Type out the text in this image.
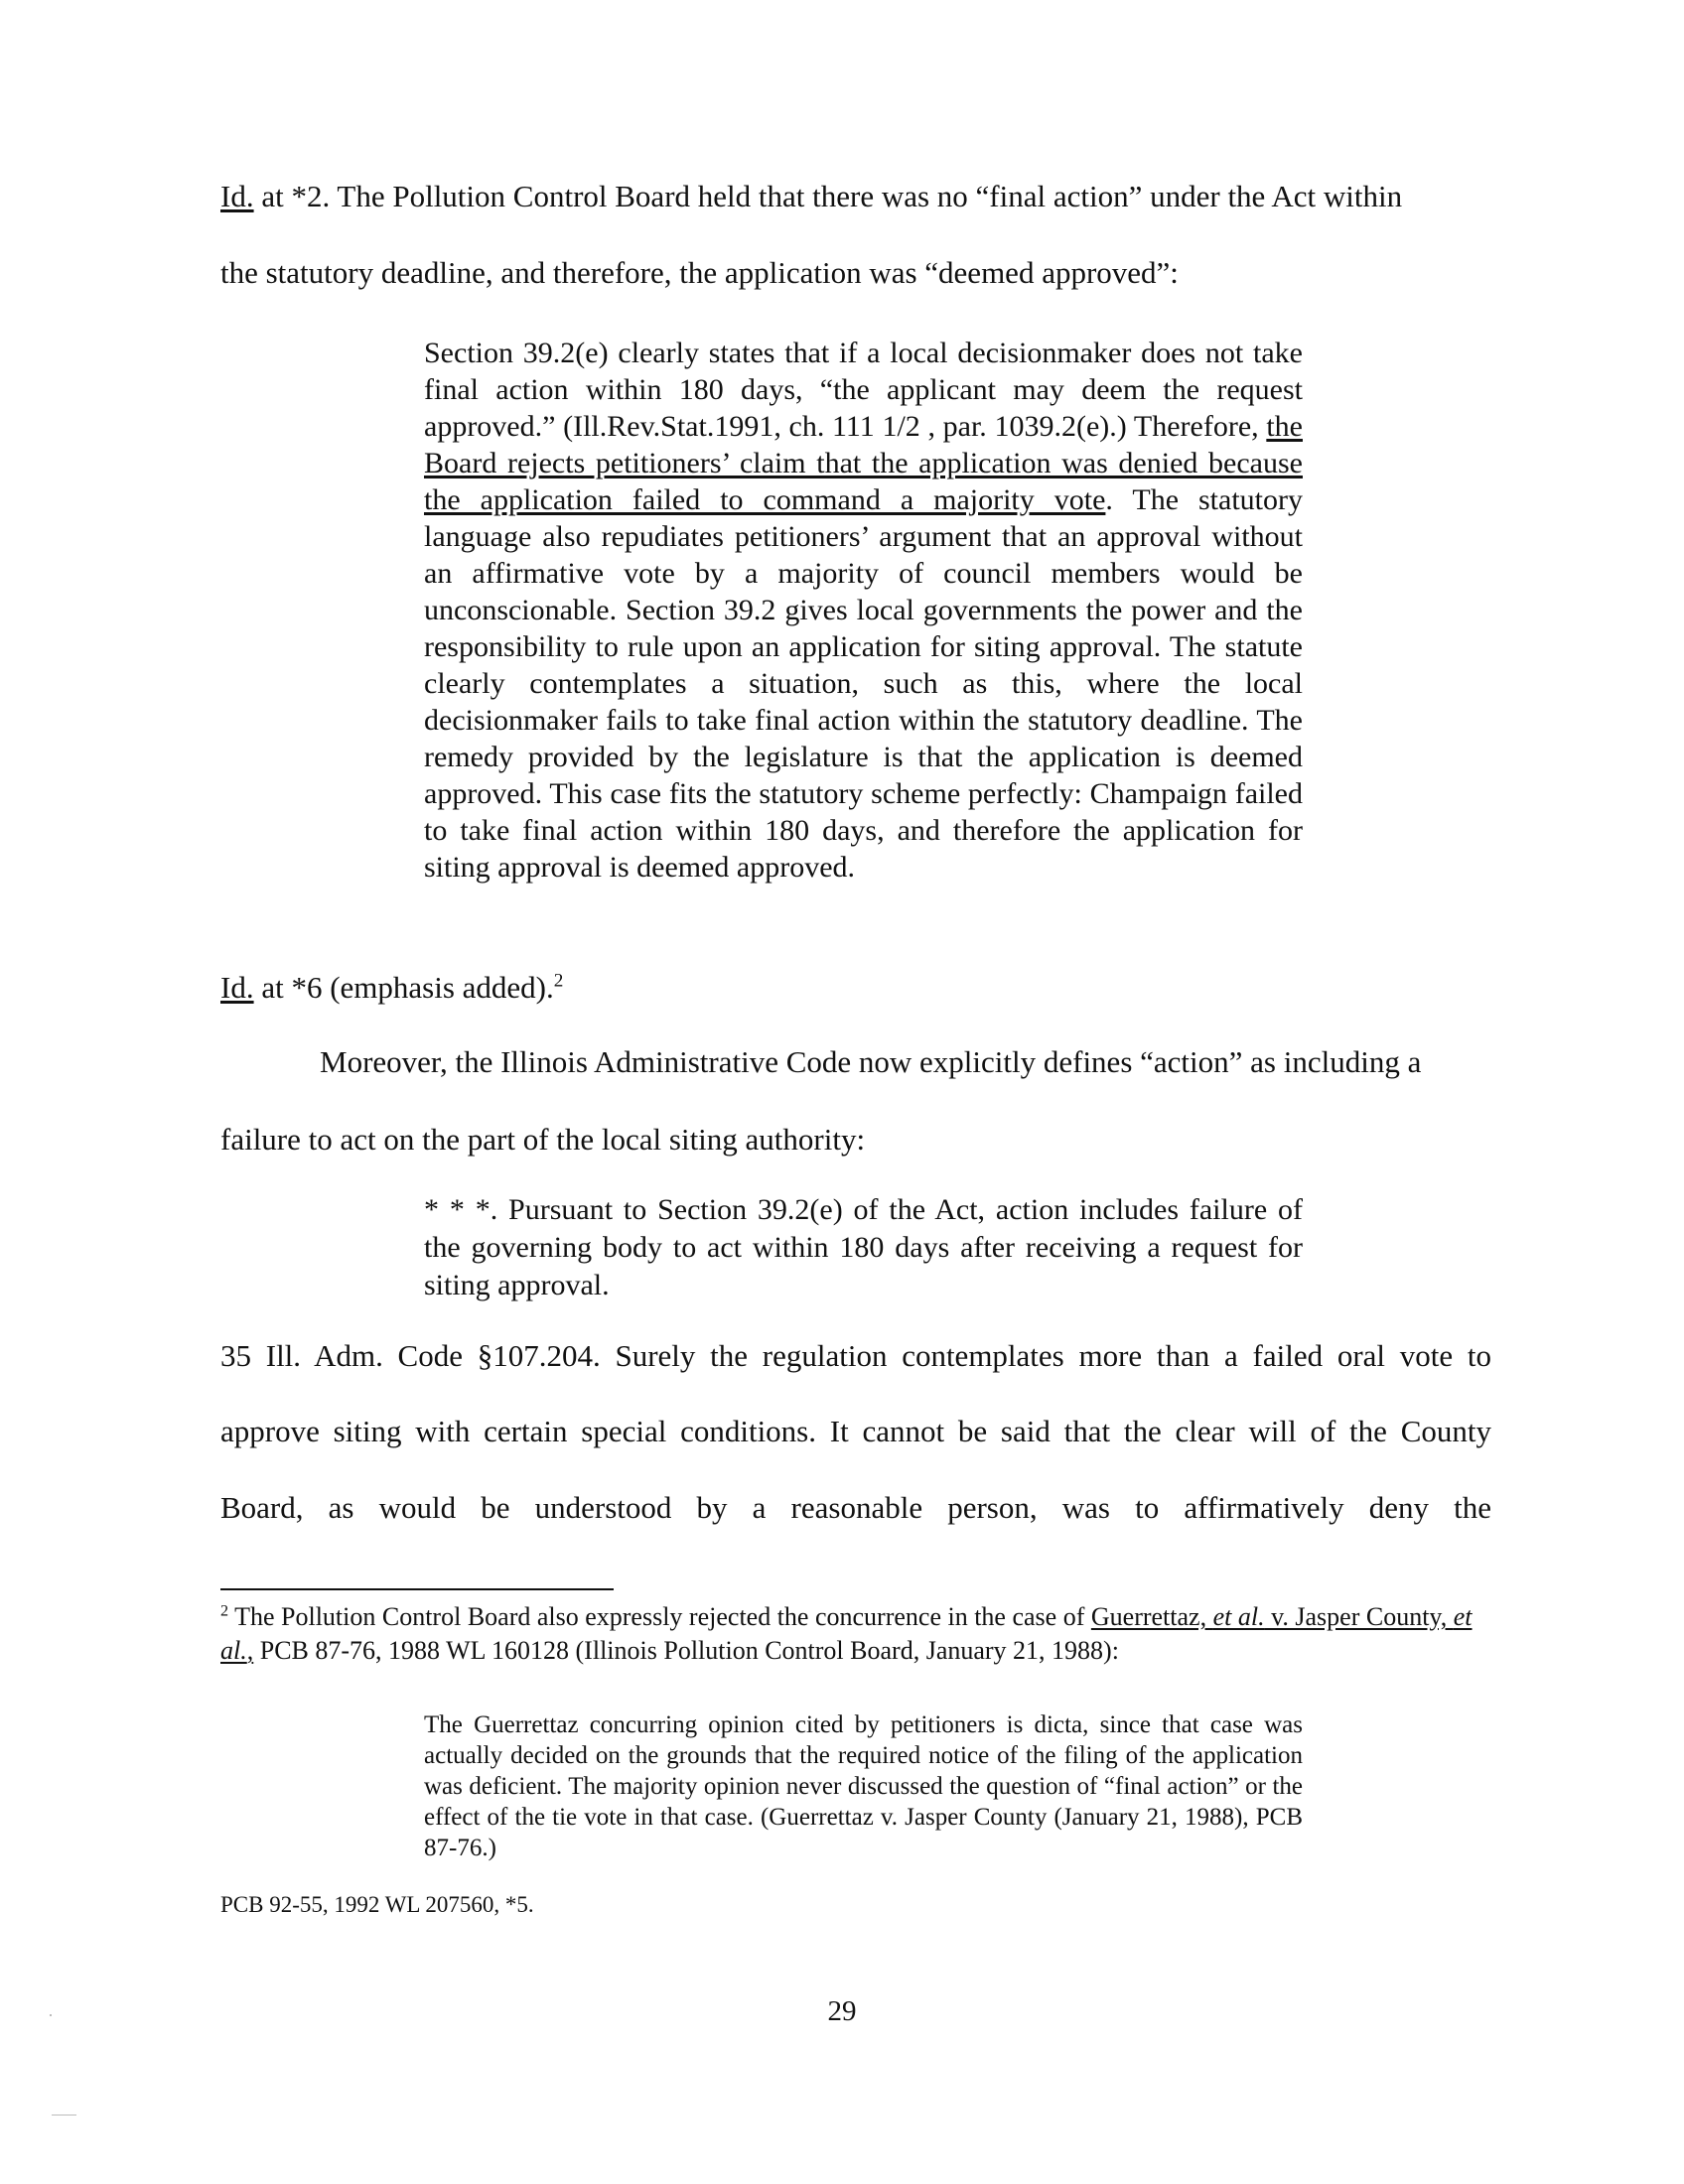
Id. at *2. The Pollution Control Board held that there was no “final action” under the Act within

the statutory deadline, and therefore, the application was “deemed approved”:

Section 39.2(e) clearly states that if a local decisionmaker does not take final action within 180 days, “the applicant may deem the request approved.” (Ill.Rev.Stat.1991, ch. 111 1/2 , par. 1039.2(e).) Therefore, the Board rejects petitioners’ claim that the application was denied because the application failed to command a majority vote. The statutory language also repudiates petitioners’ argument that an approval without an affirmative vote by a majority of council members would be unconscionable. Section 39.2 gives local governments the power and the responsibility to rule upon an application for siting approval. The statute clearly contemplates a situation, such as this, where the local decisionmaker fails to take final action within the statutory deadline. The remedy provided by the legislature is that the application is deemed approved. This case fits the statutory scheme perfectly: Champaign failed to take final action within 180 days, and therefore the application for siting approval is deemed approved.

Id. at *6 (emphasis added).$^2$

Moreover, the Illinois Administrative Code now explicitly defines “action” as including a

failure to act on the part of the local siting authority:

* * *. Pursuant to Section 39.2(e) of the Act, action includes failure of the governing body to act within 180 days after receiving a request for siting approval.

35 Ill. Adm. Code §107.204. Surely the regulation contemplates more than a failed oral vote to

approve siting with certain special conditions. It cannot be said that the clear will of the County

Board, as would be understood by a reasonable person, was to affirmatively deny the

$^2$ The Pollution Control Board also expressly rejected the concurrence in the case of Guerrettaz, et al. v. Jasper County, et al., PCB 87-76, 1988 WL 160128 (Illinois Pollution Control Board, January 21, 1988):

The Guerrettaz concurring opinion cited by petitioners is dicta, since that case was actually decided on the grounds that the required notice of the filing of the application was deficient. The majority opinion never discussed the question of “final action” or the effect of the tie vote in that case. (Guerrettaz v. Jasper County (January 21, 1988), PCB 87-76.)

PCB 92-55, 1992 WL 207560, *5.

29
